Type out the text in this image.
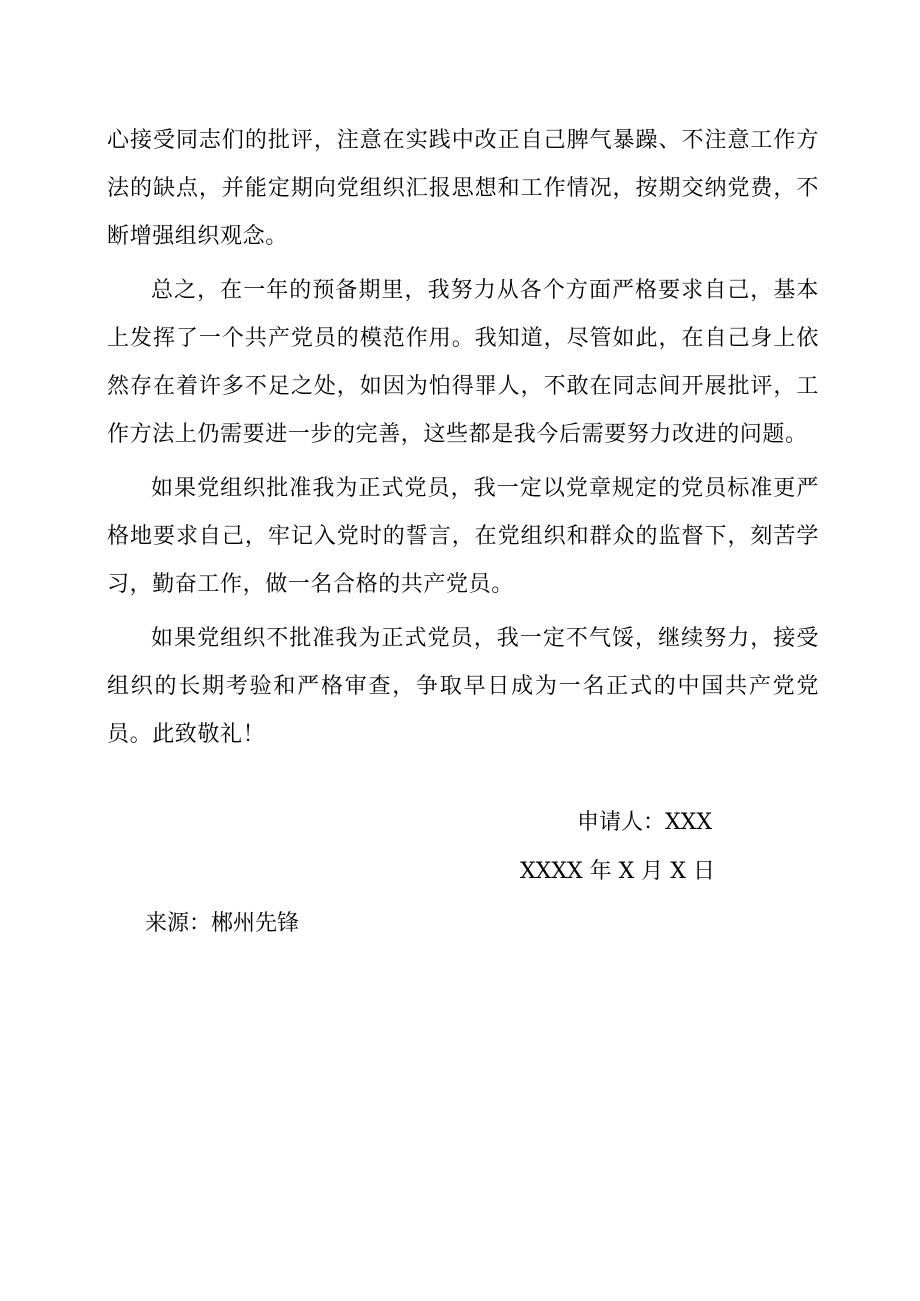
心接受同志们的批评，注意在实践中改正自己脾气暴躁、不注意工作方法的缺点，并能定期向党组织汇报思想和工作情况，按期交纳党费，不断增强组织观念。

总之，在一年的预备期里，我努力从各个方面严格要求自己，基本上发挥了一个共产党员的模范作用。我知道，尽管如此，在自己身上依然存在着许多不足之处，如因为怕得罪人，不敢在同志间开展批评，工作方法上仍需要进一步的完善，这些都是我今后需要努力改进的问题。

如果党组织批准我为正式党员，我一定以党章规定的党员标准更严格地要求自己，牢记入党时的誓言，在党组织和群众的监督下，刻苦学习，勤奋工作，做一名合格的共产党员。

如果党组织不批准我为正式党员，我一定不气馁，继续努力，接受组织的长期考验和严格审查，争取早日成为一名正式的中国共产党党员。此致敬礼！

申请人：XXX
XXXX 年 X 月 X 日
来源：郴州先锋
